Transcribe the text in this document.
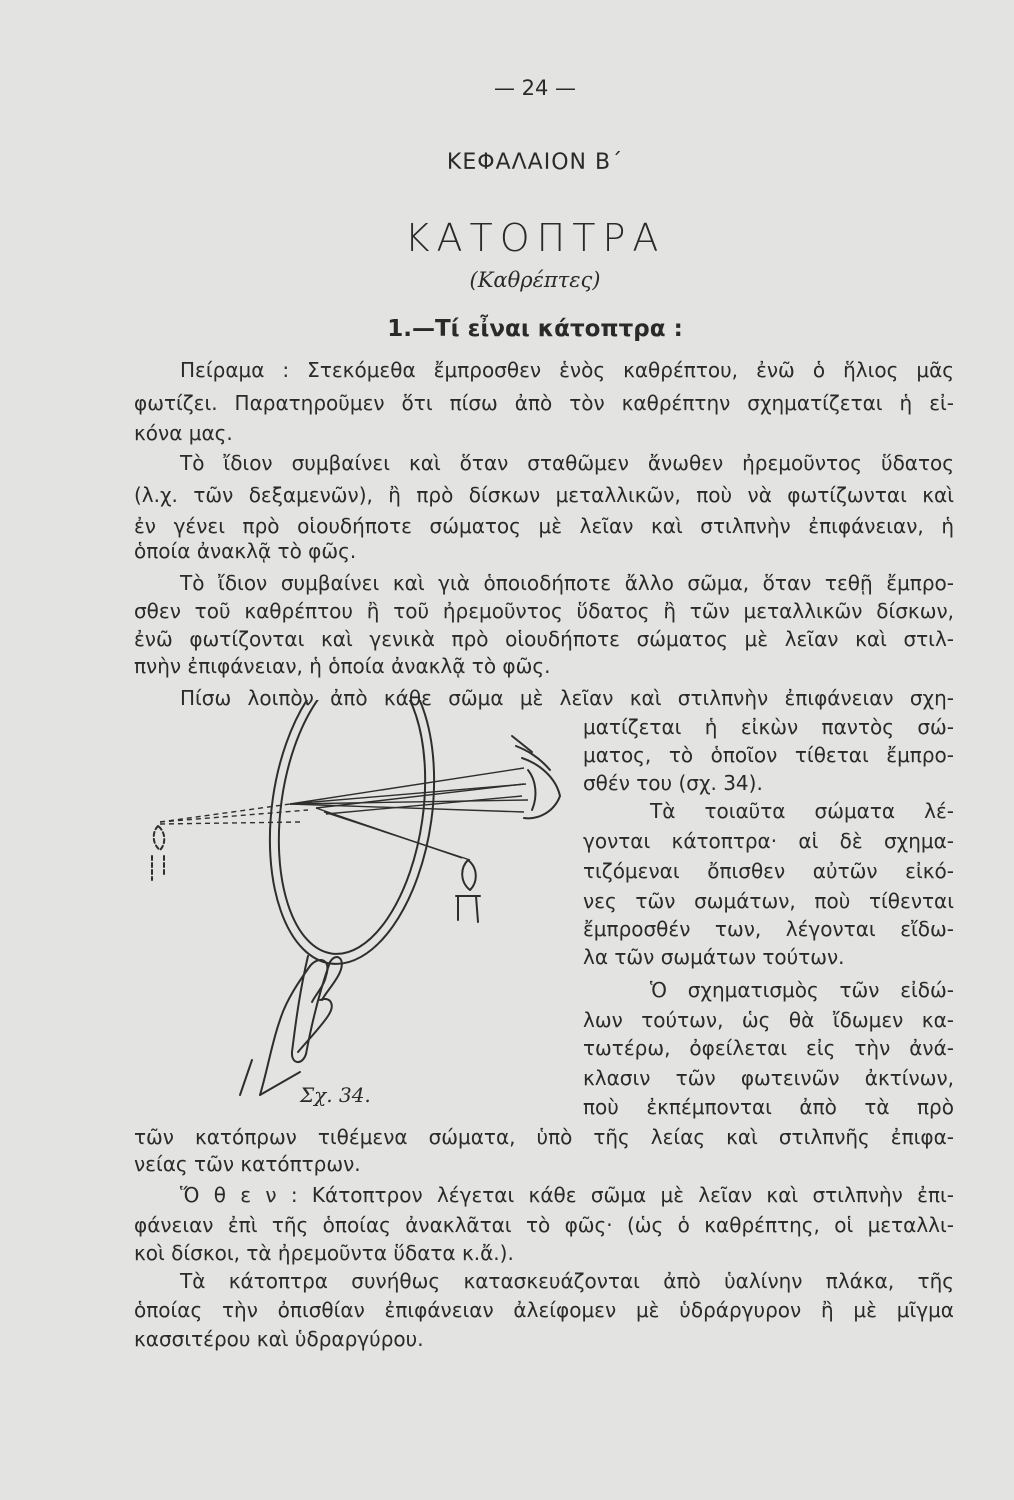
— 24 —
ΚΕΦΑΛΑΙΟΝ Β΄
ΚΑΤΟΠΤΡΑ
(Καθρέπτες)
1.—Τί εἶναι κάτοπτρα :
Πείραμα : Στεκόμεθα ἔμπροσθεν ἑνὸς καθρέπτου, ἐνῶ ὁ ἥλιος μᾶς
φωτίζει. Παρατηροῦμεν ὅτι πίσω ἀπὸ τὸν καθρέπτην σχηματίζεται ἡ εἰ-
κόνα μας.
Τὸ ἴδιον συμβαίνει καὶ ὅταν σταθῶμεν ἄνωθεν ἠρεμοῦντος ὕδατος
(λ.χ. τῶν δεξαμενῶν), ἢ πρὸ δίσκων μεταλλικῶν, ποὺ νὰ φωτίζωνται καὶ
ἐν γένει πρὸ οἱουδήποτε σώματος μὲ λεῖαν καὶ στιλπνὴν ἐπιφάνειαν, ἡ
ὁποία ἀνακλᾷ τὸ φῶς.
Τὸ ἴδιον συμβαίνει καὶ γιὰ ὁποιοδήποτε ἄλλο σῶμα, ὅταν τεθῇ ἔμπρο-
σθεν τοῦ καθρέπτου ἢ τοῦ ἠρεμοῦντος ὕδατος ἢ τῶν μεταλλικῶν δίσκων,
ἐνῶ φωτίζονται καὶ γενικὰ πρὸ οἱουδήποτε σώματος μὲ λεῖαν καὶ στιλ-
πνὴν ἐπιφάνειαν, ἡ ὁποία ἀνακλᾷ τὸ φῶς.
Πίσω λοιπὸν ἀπὸ κάθε σῶμα μὲ λεῖαν καὶ στιλπνὴν ἐπιφάνειαν σχη-
ματίζεται ἡ εἰκὼν παντὸς σώ-
ματος, τὸ ὁποῖον τίθεται ἔμπρο-
σθέν του (σχ. 34).
Τὰ τοιαῦτα σώματα λέ-
γονται κάτοπτρα· αἱ δὲ σχημα-
τιζόμεναι ὄπισθεν αὐτῶν εἰκό-
νες τῶν σωμάτων, ποὺ τίθενται
ἔμπροσθέν των, λέγονται εἴδω-
λα τῶν σωμάτων τούτων.
Ὁ σχηματισμὸς τῶν εἰδώ-
λων τούτων, ὡς θὰ ἴδωμεν κα-
τωτέρω, ὀφείλεται εἰς τὴν ἀνά-
κλασιν τῶν φωτεινῶν ἀκτίνων,
ποὺ ἐκπέμπονται ἀπὸ τὰ πρὸ
τῶν κατόπρων τιθέμενα σώματα, ὑπὸ τῆς λείας καὶ στιλπνῆς ἐπιφα-
νείας τῶν κατόπτρων.
Ὅ θ ε ν : Κάτοπτρον λέγεται κάθε σῶμα μὲ λεῖαν καὶ στιλπνὴν ἐπι-
φάνειαν ἐπὶ τῆς ὁποίας ἀνακλᾶται τὸ φῶς· (ὡς ὁ καθρέπτης, οἱ μεταλλι-
κοὶ δίσκοι, τὰ ἠρεμοῦντα ὕδατα κ.ἄ.).
Τὰ κάτοπτρα συνήθως κατασκευάζονται ἀπὸ ὑαλίνην πλάκα, τῆς
ὁποίας τὴν ὀπισθίαν ἐπιφάνειαν ἀλείφομεν μὲ ὑδράργυρον ἢ μὲ μῖγμα
κασσιτέρου καὶ ὑδραργύρου.
Σχ. 34.
